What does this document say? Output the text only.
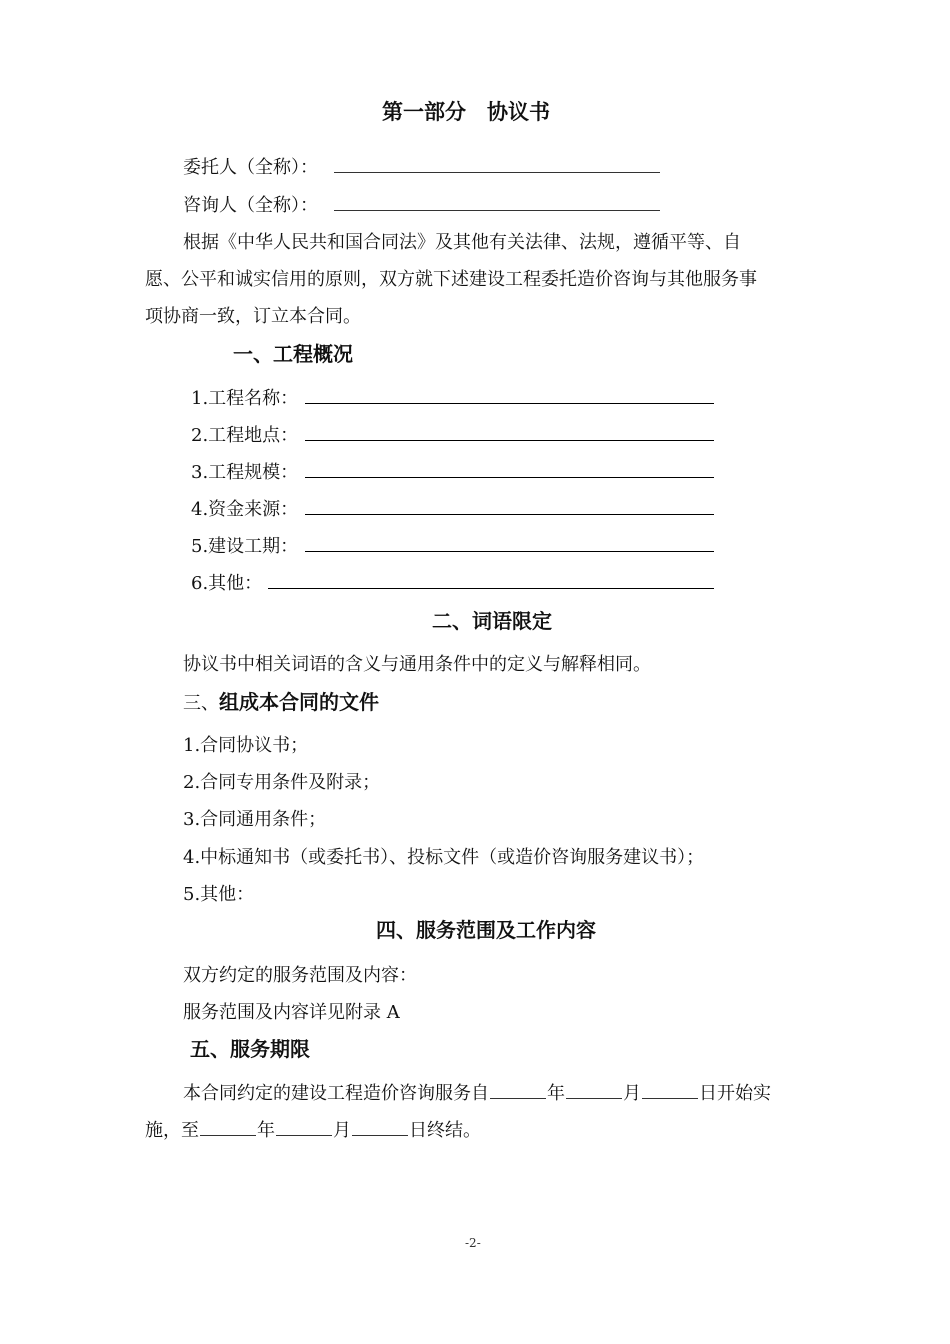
第一部分　协议书
委托人（全称）：
咨询人（全称）：
根据《中华人民共和国合同法》及其他有关法律、法规，遵循平等、自
愿、公平和诚实信用的原则，双方就下述建设工程委托造价咨询与其他服务事
项协商一致，订立本合同。
一、工程概况
1.工程名称：
2.工程地点：
3.工程规模：
4.资金来源：
5.建设工期：
6.其他：
二、词语限定
协议书中相关词语的含义与通用条件中的定义与解释相同。
三、组成本合同的文件
1.合同协议书；
2.合同专用条件及附录；
3.合同通用条件；
4.中标通知书（或委托书）、投标文件（或造价咨询服务建议书）；
5.其他：
四、服务范围及工作内容
双方约定的服务范围及内容：
服务范围及内容详见附录 A
五、服务期限
本合同约定的建设工程造价咨询服务自	年	月	日开始实
施，至	年	月	日终结。
-2-
